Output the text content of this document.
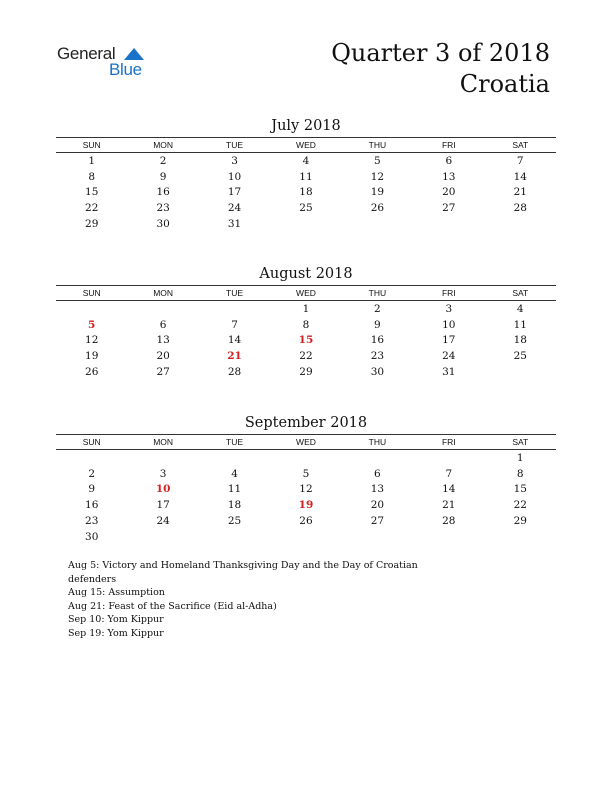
General
Blue
Quarter 3 of 2018
Croatia
July 2018
SUN	MON	TUE	WED	THU	FRI	SAT
1	2	3	4	5	6	7
8	9	10	11	12	13	14
15	16	17	18	19	20	21
22	23	24	25	26	27	28
29	30	31				
August 2018
SUN	MON	TUE	WED	THU	FRI	SAT
			1	2	3	4
5	6	7	8	9	10	11
12	13	14	15	16	17	18
19	20	21	22	23	24	25
26	27	28	29	30	31	
September 2018
SUN	MON	TUE	WED	THU	FRI	SAT
						1
2	3	4	5	6	7	8
9	10	11	12	13	14	15
16	17	18	19	20	21	22
23	24	25	26	27	28	29
30						
Aug 5: Victory and Homeland Thanksgiving Day and the Day of Croatian defenders
Aug 15: Assumption
Aug 21: Feast of the Sacrifice (Eid al-Adha)
Sep 10: Yom Kippur
Sep 19: Yom Kippur
